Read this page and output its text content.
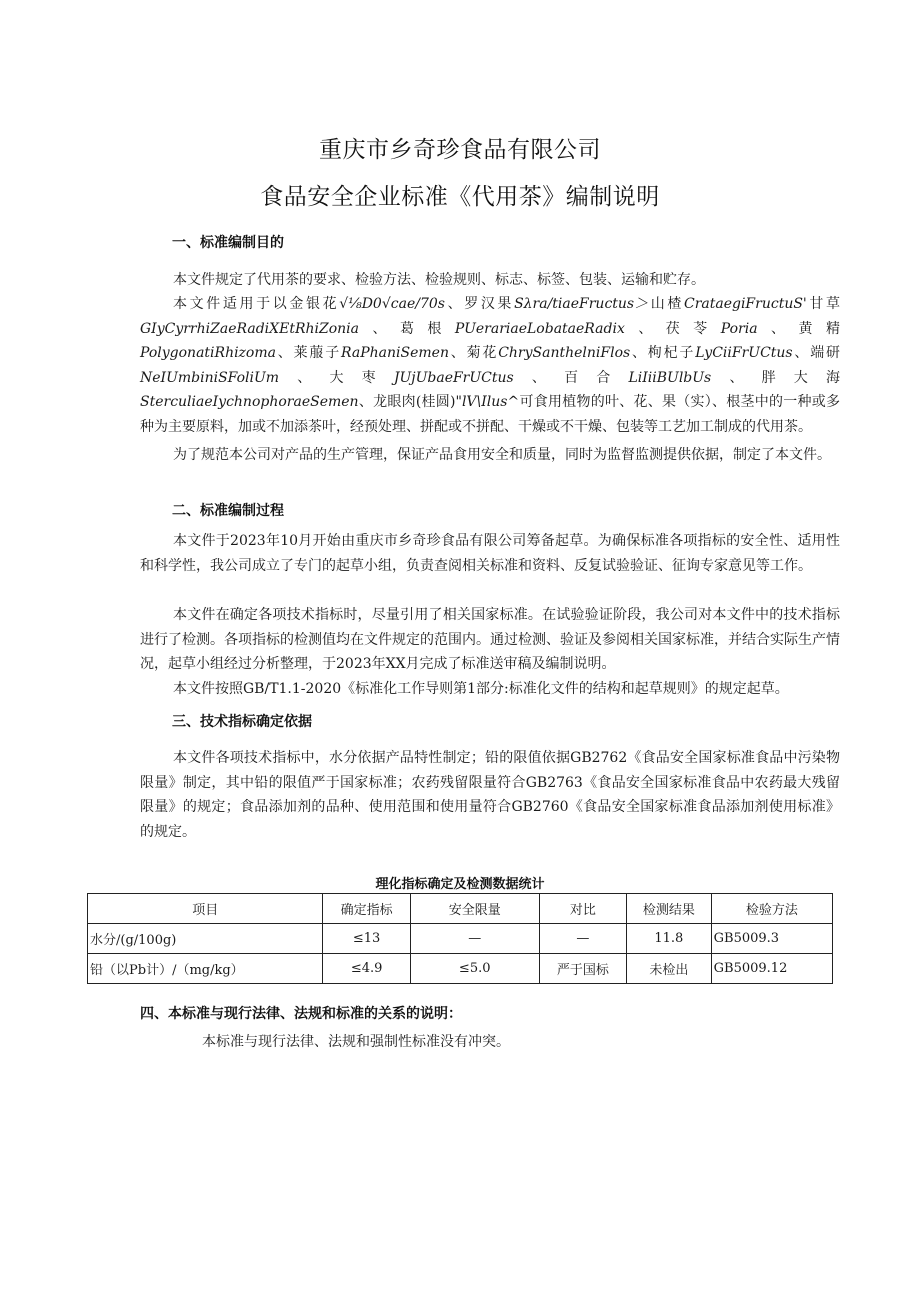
重庆市乡奇珍食品有限公司
食品安全企业标准《代用茶》编制说明
一、标准编制目的
本文件规定了代用茶的要求、检验方法、检验规则、标志、标签、包装、运输和贮存。
本文件适用于以金银花√⅛D0√cae/70s、罗汉果Sλra/tiaeFructus＞山楂CrataegiFructuS'甘草GIyCyrrhiZaeRadiXEtRhiZonia、葛根PUerariaeLobataeRadix、茯苓Poria、黄精PolygonatiRhizoma、莱菔子RaPhaniSemen、菊花ChrySanthelniFlos、枸杞子LyCiiFrUCtus、端研NeIUmbiniSFoliUm、大枣JUjUbaeFrUCtus、百合LiIiiBUlbUs、胖大海SterculiaeIychnophoraeSemen、龙眼肉(桂圆)"lV\Ilus^可食用植物的叶、花、果（实）、根茎中的一种或多种为主要原料，加或不加添茶叶，经预处理、拼配或不拼配、干燥或不干燥、包装等工艺加工制成的代用茶。
为了规范本公司对产品的生产管理，保证产品食用安全和质量，同时为监督监测提供依据，制定了本文件。
二、标准编制过程
本文件于2023年10月开始由重庆市乡奇珍食品有限公司筹备起草。为确保标准各项指标的安全性、适用性和科学性，我公司成立了专门的起草小组，负责查阅相关标准和资料、反复试验验证、征询专家意见等工作。
本文件在确定各项技术指标时，尽量引用了相关国家标准。在试验验证阶段，我公司对本文件中的技术指标进行了检测。各项指标的检测值均在文件规定的范围内。通过检测、验证及参阅相关国家标准，并结合实际生产情况，起草小组经过分析整理，于2023年XX月完成了标准送审稿及编制说明。
本文件按照GB/T1.1-2020《标准化工作导则第1部分:标准化文件的结构和起草规则》的规定起草。
三、技术指标确定依据
本文件各项技术指标中，水分依据产品特性制定；铅的限值依据GB2762《食品安全国家标准食品中污染物限量》制定，其中铅的限值严于国家标准；农药残留限量符合GB2763《食品安全国家标准食品中农药最大残留限量》的规定；食品添加剂的品种、使用范围和使用量符合GB2760《食品安全国家标准食品添加剂使用标准》的规定。
理化指标确定及检测数据统计
项目	确定指标	安全限量	对比	检测结果	检验方法
水分/(g/100g)	≤13	—	—	11.8	GB5009.3
铅（以Pb计）/（mg/kg）	≤4.9	≤5.0	严于国标	未检出	GB5009.12
四、本标准与现行法律、法规和标准的关系的说明：
本标准与现行法律、法规和强制性标准没有冲突。
